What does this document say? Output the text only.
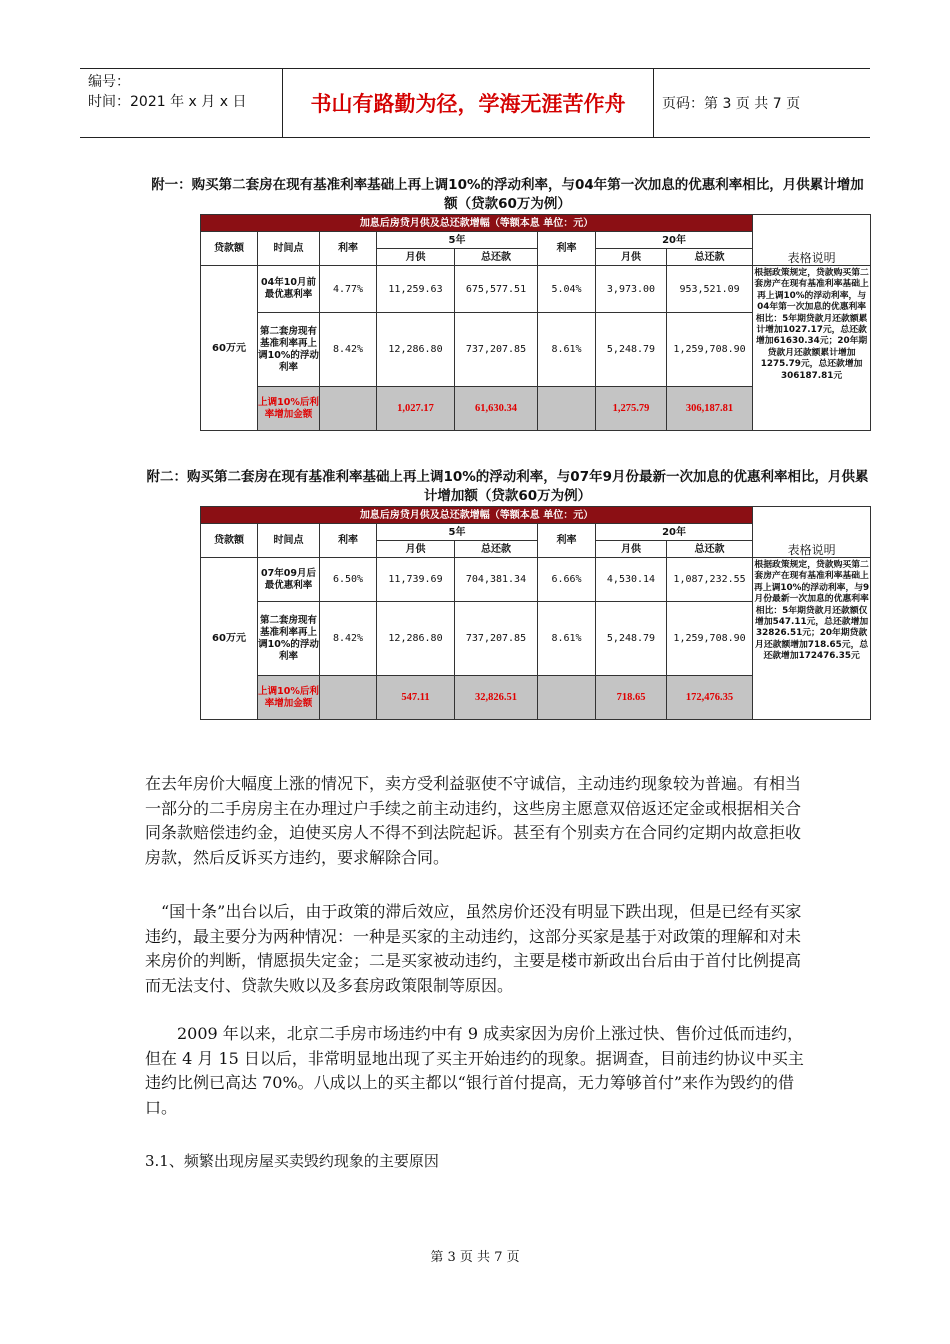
编号：
时间：2021 年 x 月 x 日	书山有路勤为径，学海无涯苦作舟	页码：第 3 页 共 7 页
附一：购买第二套房在现有基准利率基础上再上调10%的浮动利率，与04年第一次加息的优惠利率相比，月供累计增加额（贷款60万为例）
加息后房贷月供及总还款增幅（等额本息 单位：元）								表格说明
贷款额	时间点	利率	5年		利率	20年		
			月供	总还款		月供	总还款	
60万元	04年10月前最优惠利率	4.77%	11,259.63	675,577.51	5.04%	3,973.00	953,521.09	根据政策规定，贷款购买第二套房产在现有基准利率基础上再上调10%的浮动利率，与04年第一次加息的优惠利率相比：5年期贷款月还款额累计增加1027.17元，总还款增加61630.34元；20年期贷款月还款额累计增加1275.79元，总还款增加306187.81元
	第二套房现有基准利率再上调10%的浮动利率	8.42%	12,286.80	737,207.85	8.61%	5,248.79	1,259,708.90	
	上调10%后利率增加金额		1,027.17	61,630.34		1,275.79	306,187.81	
附二：购买第二套房在现有基准利率基础上再上调10%的浮动利率，与07年9月份最新一次加息的优惠利率相比，月供累计增加额（贷款60万为例）
加息后房贷月供及总还款增幅（等额本息 单位：元）								表格说明
贷款额	时间点	利率	5年		利率	20年		
			月供	总还款		月供	总还款	
60万元	07年09月后最优惠利率	6.50%	11,739.69	704,381.34	6.66%	4,530.14	1,087,232.55	根据政策规定，贷款购买第二套房产在现有基准利率基础上再上调10%的浮动利率，与9月份最新一次加息的优惠利率相比：5年期贷款月还款额仅增加547.11元，总还款增加32826.51元；20年期贷款月还款额增加718.65元，总还款增加172476.35元
	第二套房现有基准利率再上调10%的浮动利率	8.42%	12,286.80	737,207.85	8.61%	5,248.79	1,259,708.90	
	上调10%后利率增加金额		547.11	32,826.51		718.65	172,476.35	

在去年房价大幅度上涨的情况下，卖方受利益驱使不守诚信，主动违约现象较为普遍。有相当一部分的二手房房主在办理过户手续之前主动违约，这些房主愿意双倍返还定金或根据相关合同条款赔偿违约金，迫使买房人不得不到法院起诉。甚至有个别卖方在合同约定期内故意拒收房款，然后反诉买方违约，要求解除合同。

“国十条”出台以后，由于政策的滞后效应，虽然房价还没有明显下跌出现，但是已经有买家违约，最主要分为两种情况：一种是买家的主动违约，这部分买家是基于对政策的理解和对未来房价的判断，情愿损失定金；二是买家被动违约，主要是楼市新政出台后由于首付比例提高而无法支付、贷款失败以及多套房政策限制等原因。

2009 年以来，北京二手房市场违约中有 9 成卖家因为房价上涨过快、售价过低而违约，但在 4 月 15 日以后，非常明显地出现了买主开始违约的现象。据调查，目前违约协议中买主违约比例已高达 70%。八成以上的买主都以“银行首付提高，无力筹够首付”来作为毁约的借口。

3.1、频繁出现房屋买卖毁约现象的主要原因
第 3 页 共 7 页
